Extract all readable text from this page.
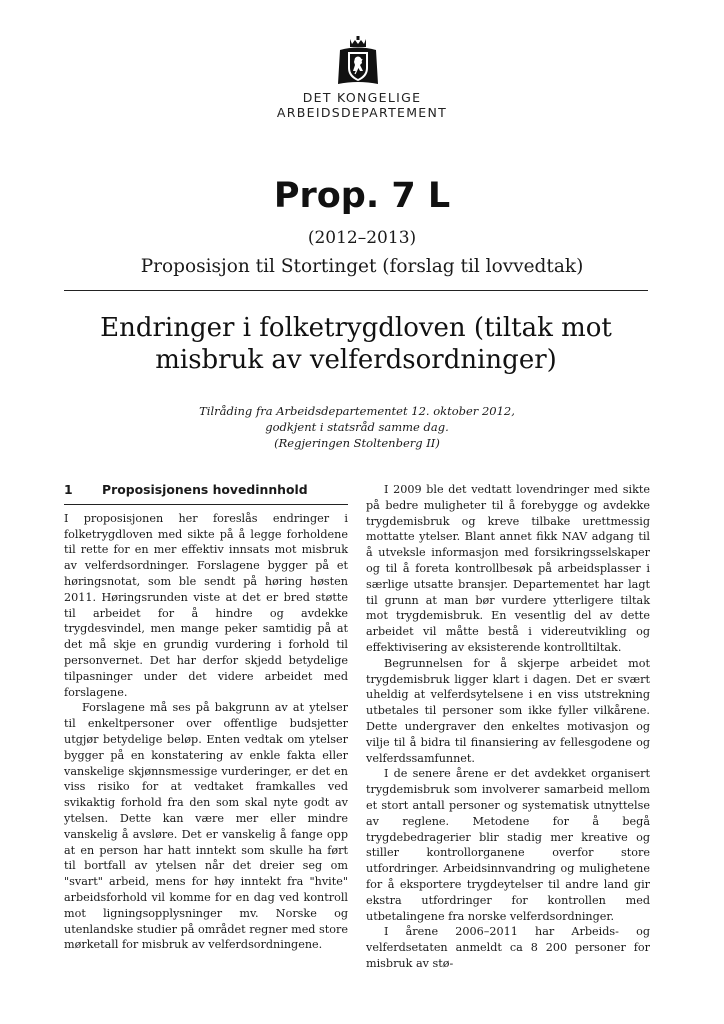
DET KONGELIGE
ARBEIDSDEPARTEMENT
Prop. 7 L
(2012–2013)
Proposisjon til Stortinget (forslag til lovvedtak)
Endringer i folketrygdloven (tiltak mot misbruk av velferdsordninger)
Tilråding fra Arbeidsdepartementet 12. oktober 2012,
godkjent i statsråd samme dag.
(Regjeringen Stoltenberg II)
1 Proposisjonens hovedinnhold

I proposisjonen her foreslås endringer i folketrygdloven med sikte på å legge forholdene til rette for en mer effektiv innsats mot misbruk av velferdsordninger. Forslagene bygger på et høringsnotat, som ble sendt på høring høsten 2011. Høringsrunden viste at det er bred støtte til arbeidet for å hindre og avdekke trygdesvindel, men mange peker samtidig på at det må skje en grundig vurdering i forhold til personvernet. Det har derfor skjedd betydelige tilpasninger under det videre arbeidet med forslagene.

Forslagene må ses på bakgrunn av at ytelser til enkeltpersoner over offentlige budsjetter utgjør betydelige beløp. Enten vedtak om ytelser bygger på en konstatering av enkle fakta eller vanskelige skjønnsmessige vurderinger, er det en viss risiko for at vedtaket framkalles ved svikaktig forhold fra den som skal nyte godt av ytelsen. Dette kan være mer eller mindre vanskelig å avsløre. Det er vanskelig å fange opp at en person har hatt inntekt som skulle ha ført til bortfall av ytelsen når det dreier seg om "svart" arbeid, mens for høy inntekt fra "hvite" arbeidsforhold vil komme for en dag ved kontroll mot ligningsopplysninger mv. Norske og utenlandske studier på området regner med store mørketall for misbruk av velferdsordningene.

I 2009 ble det vedtatt lovendringer med sikte på bedre muligheter til å forebygge og avdekke trygdemisbruk og kreve tilbake urettmessig mottatte ytelser. Blant annet fikk NAV adgang til å utveksle informasjon med forsikringsselskaper og til å foreta kontrollbesøk på arbeidsplasser i særlige utsatte bransjer. Departementet har lagt til grunn at man bør vurdere ytterligere tiltak mot trygdemisbruk. En vesentlig del av dette arbeidet vil måtte bestå i videreutvikling og effektivisering av eksisterende kontrolltiltak.

Begrunnelsen for å skjerpe arbeidet mot trygdemisbruk ligger klart i dagen. Det er svært uheldig at velferdsytelsene i en viss utstrekning utbetales til personer som ikke fyller vilkårene. Dette undergraver den enkeltes motivasjon og vilje til å bidra til finansiering av fellesgodene og velferdssamfunnet.

I de senere årene er det avdekket organisert trygdemisbruk som involverer samarbeid mellom et stort antall personer og systematisk utnyttelse av reglene. Metodene for å begå trygdebedragerier blir stadig mer kreative og stiller kontrollorganene overfor store utfordringer. Arbeidsinnvandring og mulighetene for å eksportere trygdeytelser til andre land gir ekstra utfordringer for kontrollen med utbetalingene fra norske velferdsordninger.

I årene 2006–2011 har Arbeids- og velferdsetaten anmeldt ca 8 200 personer for misbruk av stø-
